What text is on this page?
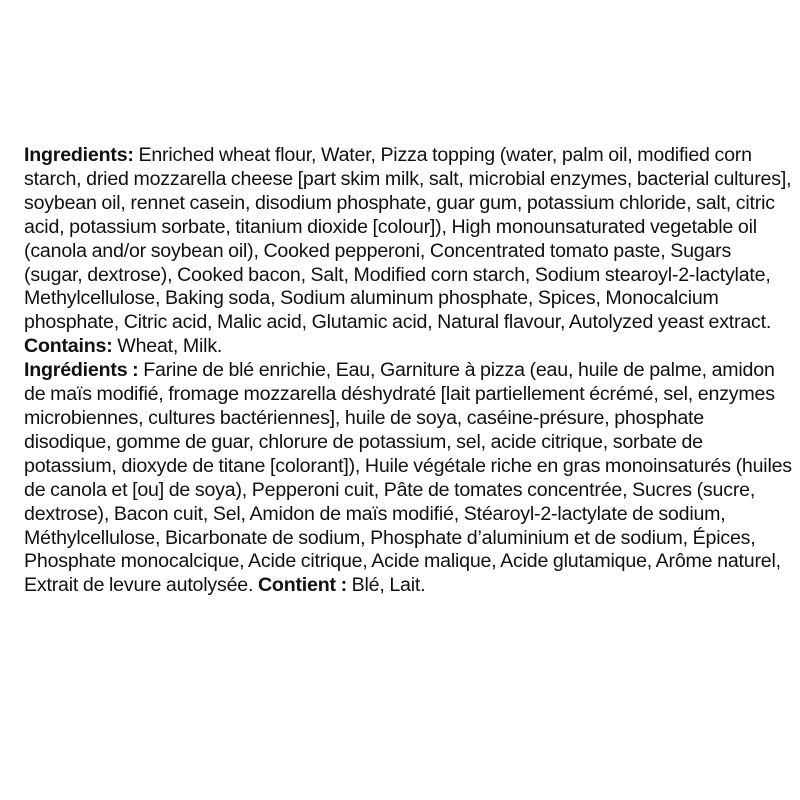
Ingredients: Enriched wheat flour, Water, Pizza topping (water, palm oil, modified corn starch, dried mozzarella cheese [part skim milk, salt, microbial enzymes, bacterial cultures], soybean oil, rennet casein, disodium phosphate, guar gum, potassium chloride, salt, citric acid, potassium sorbate, titanium dioxide [colour]), High monounsaturated vegetable oil (canola and/or soybean oil), Cooked pepperoni, Concentrated tomato paste, Sugars (sugar, dextrose), Cooked bacon, Salt, Modified corn starch, Sodium stearoyl-2-lactylate, Methylcellulose, Baking soda, Sodium aluminum phosphate, Spices, Monocalcium phosphate, Citric acid, Malic acid, Glutamic acid, Natural flavour, Autolyzed yeast extract. Contains: Wheat, Milk.

Ingrédients : Farine de blé enrichie, Eau, Garniture à pizza (eau, huile de palme, amidon de maïs modifié, fromage mozzarella déshydraté [lait partiellement écrémé, sel, enzymes microbiennes, cultures bactériennes], huile de soya, caséine-présure, phosphate disodique, gomme de guar, chlorure de potassium, sel, acide citrique, sorbate de potassium, dioxyde de titane [colorant]), Huile végétale riche en gras monoinsaturés (huiles de canola et [ou] de soya), Pepperoni cuit, Pâte de tomates concentrée, Sucres (sucre, dextrose), Bacon cuit, Sel, Amidon de maïs modifié, Stéaroyl-2-lactylate de sodium, Méthylcellulose, Bicarbonate de sodium, Phosphate d’aluminium et de sodium, Épices, Phosphate monocalcique, Acide citrique, Acide malique, Acide glutamique, Arôme naturel, Extrait de levure autolysée. Contient : Blé, Lait.
